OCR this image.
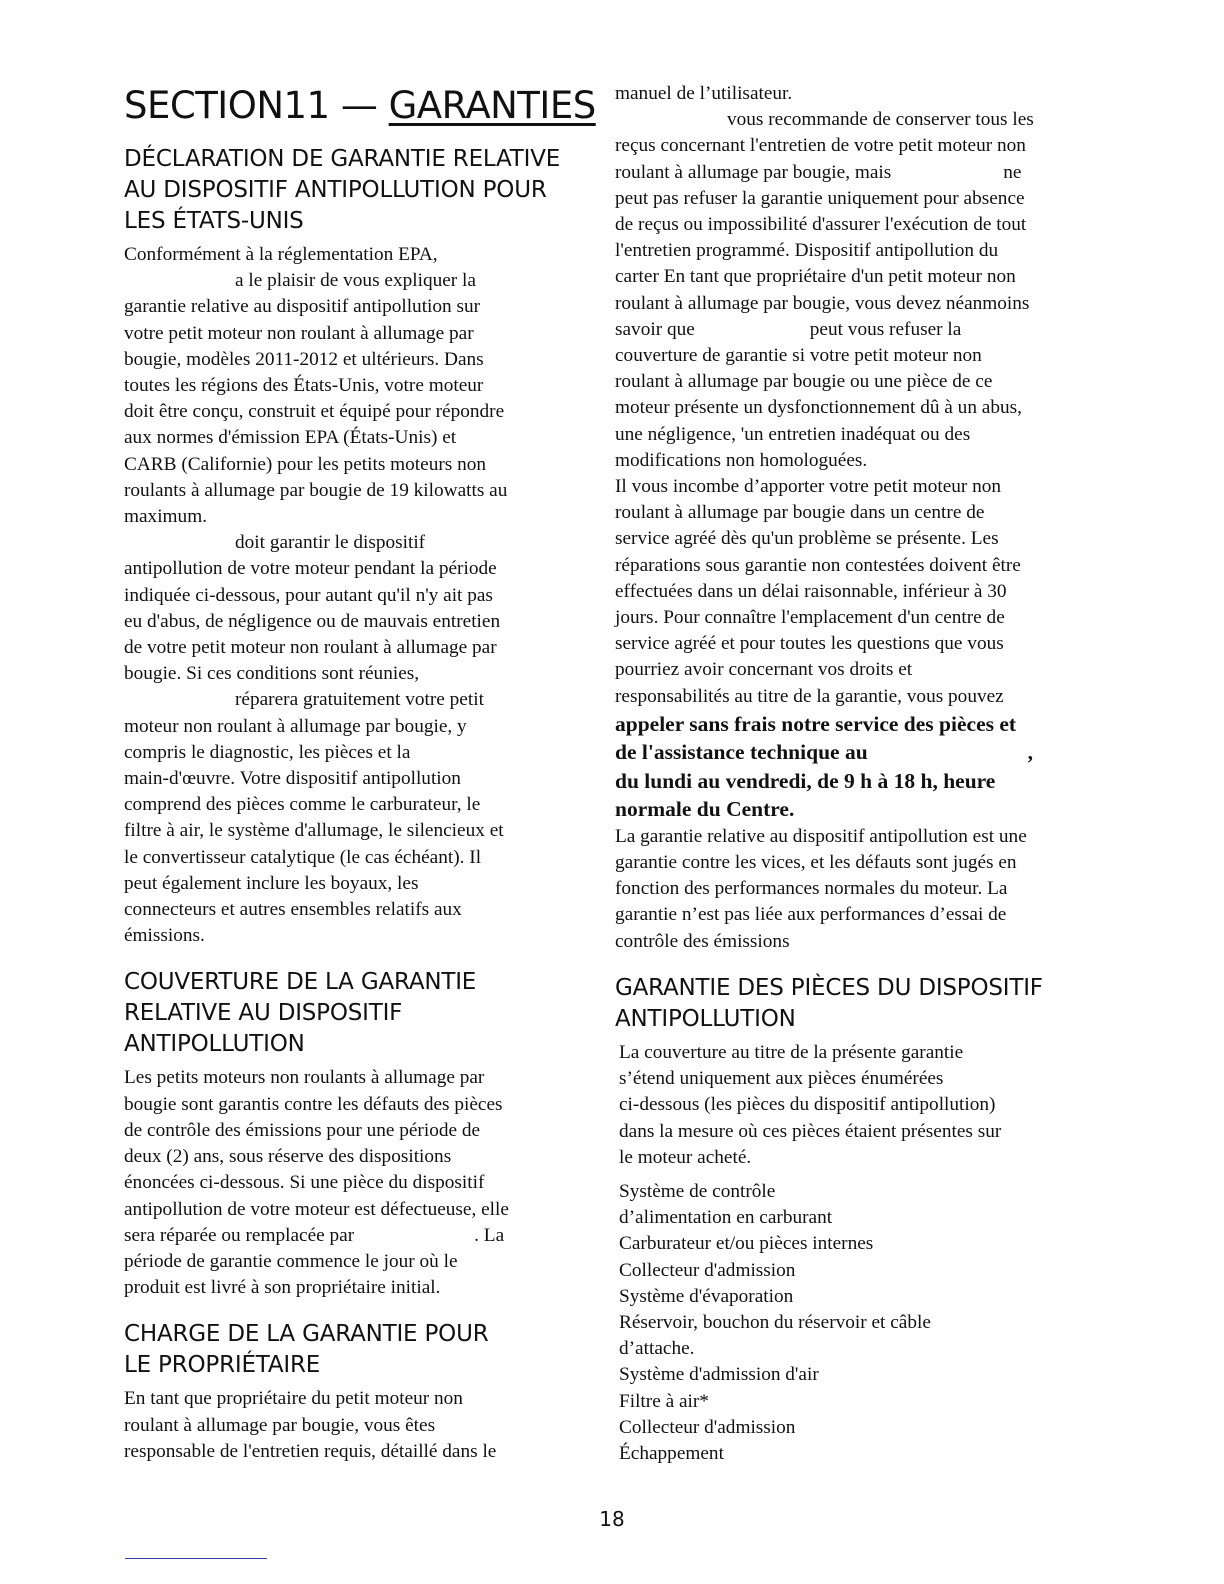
SECTION11 — GARANTIES
DÉCLARATION DE GARANTIE RELATIVE
AU DISPOSITIF ANTIPOLLUTION POUR
LES ÉTATS-UNIS

Conformément à la réglementation EPA,
a le plaisir de vous expliquer la
garantie relative au dispositif antipollution sur
votre petit moteur non roulant à allumage par
bougie, modèles 2011-2012 et ultérieurs. Dans
toutes les régions des États-Unis, votre moteur
doit être conçu, construit et équipé pour répondre
aux normes d'émission EPA (États-Unis) et
CARB (Californie) pour les petits moteurs non
roulants à allumage par bougie de 19 kilowatts au
maximum.

doit garantir le dispositif
antipollution de votre moteur pendant la période
indiquée ci-dessous, pour autant qu'il n'y ait pas
eu d'abus, de négligence ou de mauvais entretien
de votre petit moteur non roulant à allumage par
bougie. Si ces conditions sont réunies,
réparera gratuitement votre petit
moteur non roulant à allumage par bougie, y
compris le diagnostic, les pièces et la
main-d'œuvre. Votre dispositif antipollution
comprend des pièces comme le carburateur, le
filtre à air, le système d'allumage, le silencieux et
le convertisseur catalytique (le cas échéant). Il
peut également inclure les boyaux, les
connecteurs et autres ensembles relatifs aux
émissions.

COUVERTURE DE LA GARANTIE
RELATIVE AU DISPOSITIF
ANTIPOLLUTION

Les petits moteurs non roulants à allumage par
bougie sont garantis contre les défauts des pièces
de contrôle des émissions pour une période de
deux (2) ans, sous réserve des dispositions
énoncées ci-dessous. Si une pièce du dispositif
antipollution de votre moteur est défectueuse, elle
sera réparée ou remplacée par	. La
période de garantie commence le jour où le
produit est livré à son propriétaire initial.

CHARGE DE LA GARANTIE POUR
LE PROPRIÉTAIRE

En tant que propriétaire du petit moteur non
roulant à allumage par bougie, vous êtes
responsable de l'entretien requis, détaillé dans le

manuel de l’utilisateur.
vous recommande de conserver tous les
reçus concernant l'entretien de votre petit moteur non
roulant à allumage par bougie, mais	ne
peut pas refuser la garantie uniquement pour absence
de reçus ou impossibilité d'assurer l'exécution de tout
l'entretien programmé. Dispositif antipollution du
carter En tant que propriétaire d'un petit moteur non
roulant à allumage par bougie, vous devez néanmoins
savoir que	peut vous refuser la
couverture de garantie si votre petit moteur non
roulant à allumage par bougie ou une pièce de ce
moteur présente un dysfonctionnement dû à un abus,
une négligence, 'un entretien inadéquat ou des
modifications non homologuées.

Il vous incombe d’apporter votre petit moteur non
roulant à allumage par bougie dans un centre de
service agréé dès qu'un problème se présente. Les
réparations sous garantie non contestées doivent être
effectuées dans un délai raisonnable, inférieur à 30
jours. Pour connaître l'emplacement d'un centre de
service agréé et pour toutes les questions que vous
pourriez avoir concernant vos droits et
responsabilités au titre de la garantie, vous pouvez

appeler sans frais notre service des pièces et
de l'assistance technique au	,
du lundi au vendredi, de 9 h à 18 h, heure
normale du Centre.

La garantie relative au dispositif antipollution est une
garantie contre les vices, et les défauts sont jugés en
fonction des performances normales du moteur. La
garantie n’est pas liée aux performances d’essai de
contrôle des émissions

GARANTIE DES PIÈCES DU DISPOSITIF
ANTIPOLLUTION

La couverture au titre de la présente garantie
s’étend uniquement aux pièces énumérées
ci-dessous (les pièces du dispositif antipollution)
dans la mesure où ces pièces étaient présentes sur
le moteur acheté.

Système de contrôle
d’alimentation en carburant
Carburateur et/ou pièces internes
Collecteur d'admission
Système d'évaporation
Réservoir, bouchon du réservoir et câble
d’attache.
Système d'admission d'air
Filtre à air*
Collecteur d'admission
Échappement
18
